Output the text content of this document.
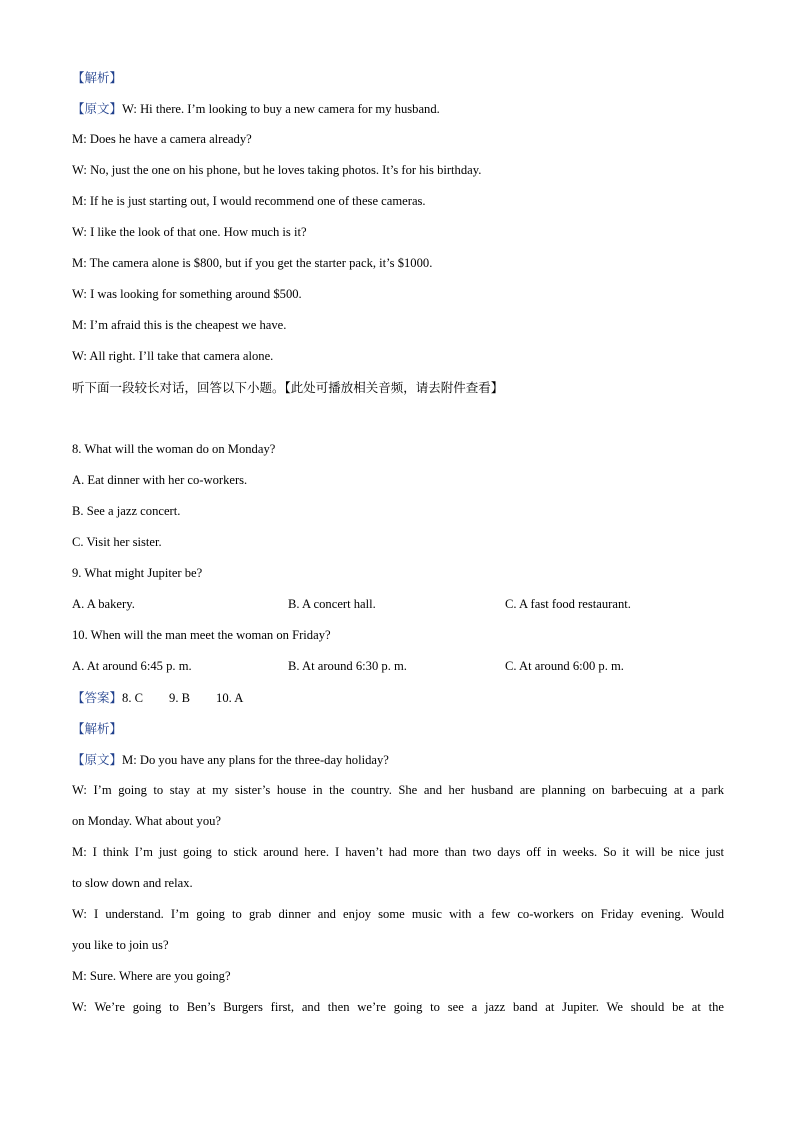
【解析】
【原文】W: Hi there. I’m looking to buy a new camera for my husband.
M: Does he have a camera already?
W: No, just the one on his phone, but he loves taking photos. It’s for his birthday.
M: If he is just starting out, I would recommend one of these cameras.
W: I like the look of that one. How much is it?
M: The camera alone is $800, but if you get the starter pack, it’s $1000.
W: I was looking for something around $500.
M: I’m afraid this is the cheapest we have.
W: All right. I’ll take that camera alone.
听下面一段较长对话，回答以下小题。【此处可播放相关音频，请去附件查看】
8. What will the woman do on Monday?
A. Eat dinner with her co-workers.
B. See a jazz concert.
C. Visit her sister.
9. What might Jupiter be?
A. A bakery.	B. A concert hall.	C. A fast food restaurant.
10. When will the man meet the woman on Friday?
A. At around 6:45 p. m.	B. At around 6:30 p. m.	C. At around 6:00 p. m.
【答案】8. C 9. B 10. A
【解析】
【原文】M: Do you have any plans for the three-day holiday?
W: I’m going to stay at my sister’s house in the country. She and her husband are planning on barbecuing at a park
on Monday. What about you?
M: I think I’m just going to stick around here. I haven’t had more than two days off in weeks. So it will be nice just
to slow down and relax.
W: I understand. I’m going to grab dinner and enjoy some music with a few co-workers on Friday evening. Would
you like to join us?
M: Sure. Where are you going?
W: We’re going to Ben’s Burgers first, and then we’re going to see a jazz band at Jupiter. We should be at the
